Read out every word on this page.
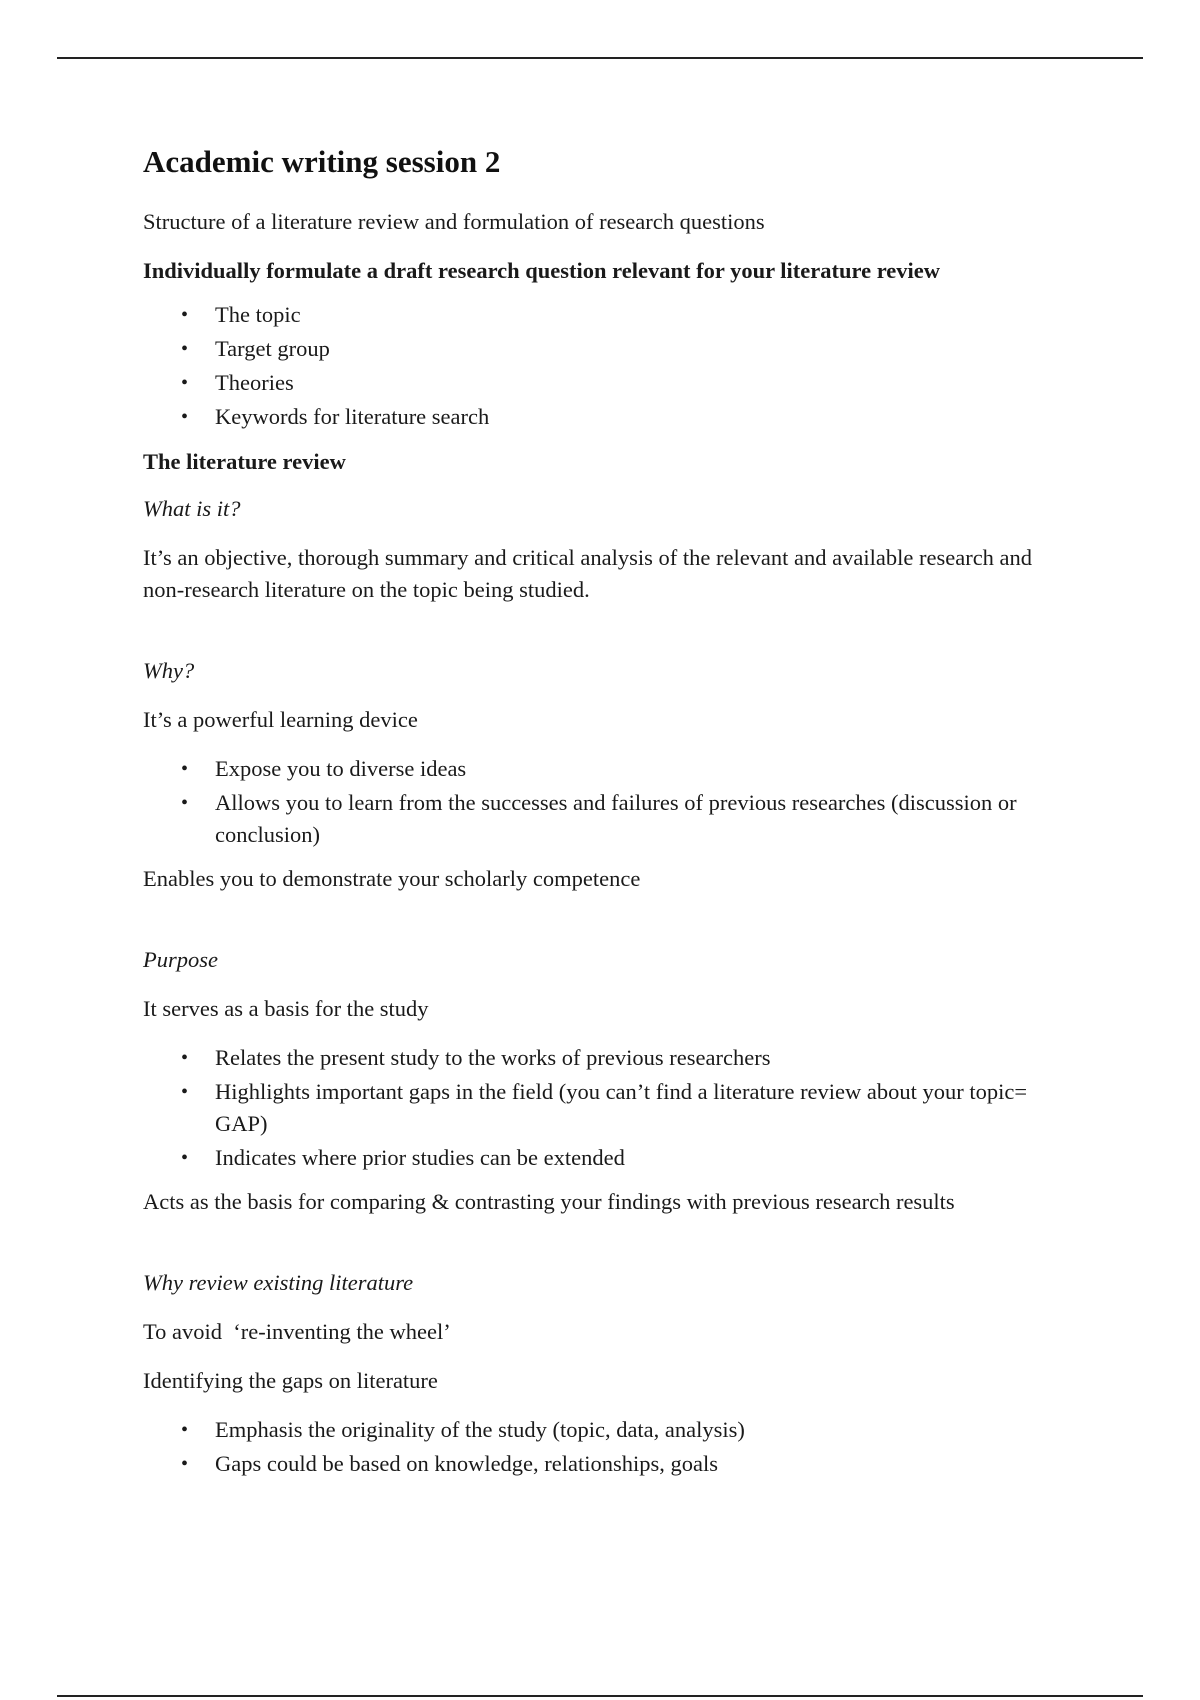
Academic writing session 2

Structure of a literature review and formulation of research questions

Individually formulate a draft research question relevant for your literature review

• The topic
• Target group
• Theories
• Keywords for literature search

The literature review

What is it?

It’s an objective, thorough summary and critical analysis of the relevant and available research and non-research literature on the topic being studied.

Why?

It’s a powerful learning device

• Expose you to diverse ideas
• Allows you to learn from the successes and failures of previous researches (discussion or conclusion)

Enables you to demonstrate your scholarly competence

Purpose

It serves as a basis for the study

• Relates the present study to the works of previous researchers
• Highlights important gaps in the field (you can’t find a literature review about your topic= GAP)
• Indicates where prior studies can be extended

Acts as the basis for comparing & contrasting your findings with previous research results

Why review existing literature

To avoid  ‘re-inventing the wheel’

Identifying the gaps on literature

• Emphasis the originality of the study (topic, data, analysis)
• Gaps could be based on knowledge, relationships, goals
